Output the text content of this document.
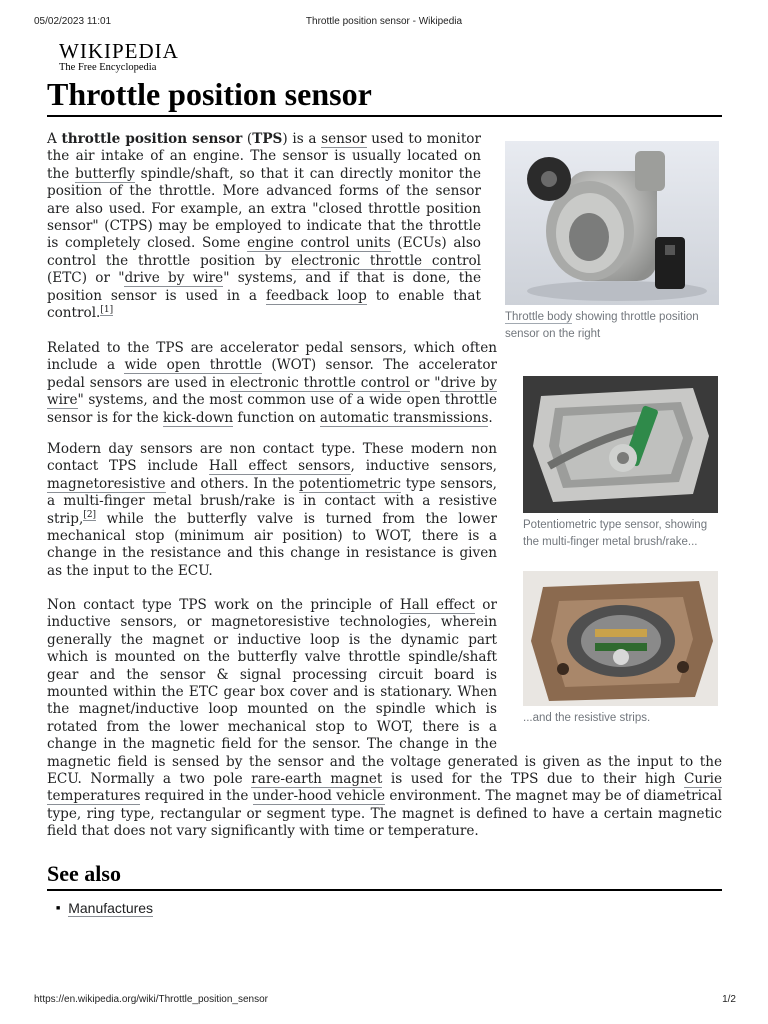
05/02/2023 11:01	Throttle position sensor - Wikipedia
WIKIPEDIA
The Free Encyclopedia
Throttle position sensor

A throttle position sensor (TPS) is a sensor used to monitor the air intake of an engine. The sensor is usually located on the butterfly spindle/shaft, so that it can directly monitor the position of the throttle. More advanced forms of the sensor are also used. For example, an extra "closed throttle position sensor" (CTPS) may be employed to indicate that the throttle is completely closed. Some engine control units (ECUs) also control the throttle position by electronic throttle control (ETC) or "drive by wire" systems, and if that is done, the position sensor is used in a feedback loop to enable that control.[1]

Throttle body showing throttle position sensor on the right

Related to the TPS are accelerator pedal sensors, which often include a wide open throttle (WOT) sensor. The accelerator pedal sensors are used in electronic throttle control or "drive by wire" systems, and the most common use of a wide open throttle sensor is for the kick-down function on automatic transmissions.

Potentiometric type sensor, showing the multi-finger metal brush/rake...

Modern day sensors are non contact type. These modern non contact TPS include Hall effect sensors, inductive sensors, magnetoresistive and others. In the potentiometric type sensors, a multi-finger metal brush/rake is in contact with a resistive strip,[2] while the butterfly valve is turned from the lower mechanical stop (minimum air position) to WOT, there is a change in the resistance and this change in resistance is given as the input to the ECU.

...and the resistive strips.

Non contact type TPS work on the principle of Hall effect or inductive sensors, or magnetoresistive technologies, wherein generally the magnet or inductive loop is the dynamic part which is mounted on the butterfly valve throttle spindle/shaft gear and the sensor & signal processing circuit board is mounted within the ETC gear box cover and is stationary. When the magnet/inductive loop mounted on the spindle which is rotated from the lower mechanical stop to WOT, there is a change in the magnetic field for the sensor. The change in the magnetic field is sensed by the sensor and the voltage generated is given as the input to the ECU. Normally a two pole rare-earth magnet is used for the TPS due to their high Curie temperatures required in the under-hood vehicle environment. The magnet may be of diametrical type, ring type, rectangular or segment type. The magnet is defined to have a certain magnetic field that does not vary significantly with time or temperature.

See also
■ Manufactures
https://en.wikipedia.org/wiki/Throttle_position_sensor	1/2
